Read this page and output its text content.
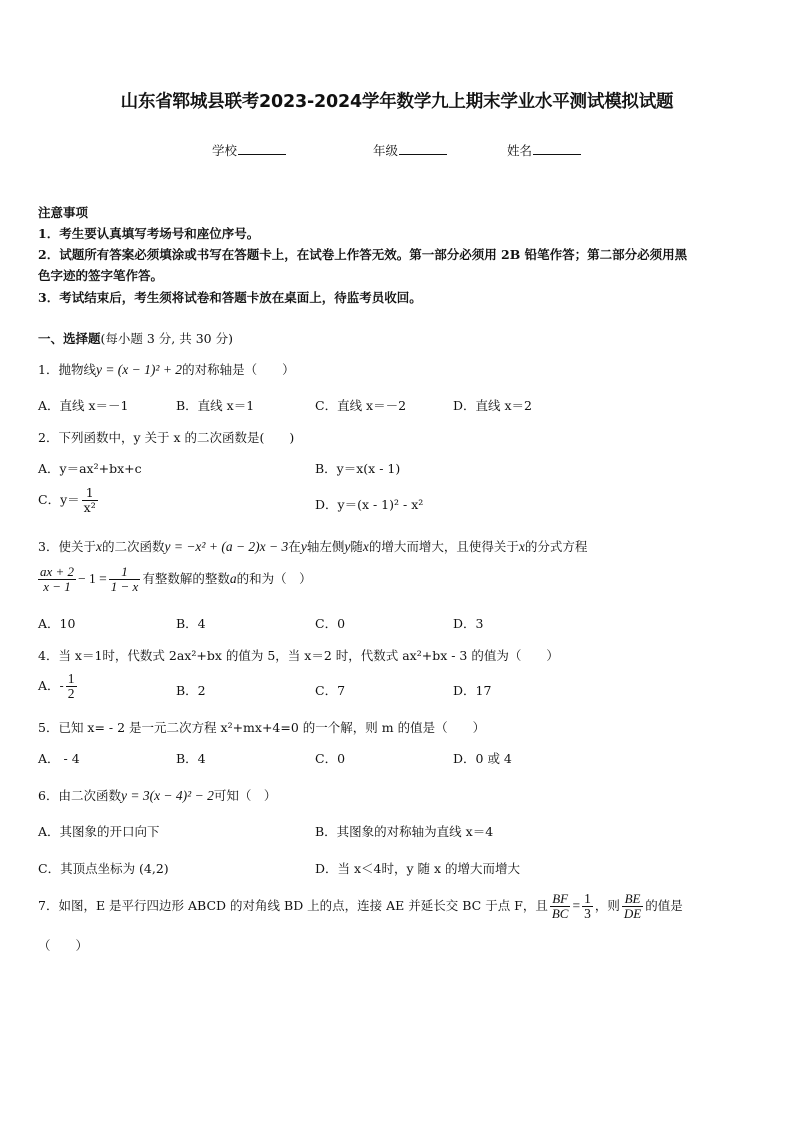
山东省郓城县联考2023-2024学年数学九上期末学业水平测试模拟试题
学校	年级	姓名
注意事项
1．考生要认真填写考场号和座位序号。
2．试题所有答案必须填涂或书写在答题卡上，在试卷上作答无效。第一部分必须用 2B 铅笔作答；第二部分必须用黑
色字迹的签字笔作答。
3．考试结束后，考生须将试卷和答题卡放在桌面上，待监考员收回。
一、选择题(每小题 3 分, 共 30 分)
1．抛物线y = (x − 1)² + 2的对称轴是（　　）
A．直线 x＝－1	B．直线 x＝1	C．直线 x＝－2	D．直线 x＝2
2．下列函数中，y 关于 x 的二次函数是(　　)
A．y＝ax²+bx+c	B．y＝x(x - 1)
C．$y= \frac{1}{\text{x²}}$	D．y＝(x - 1)² - x²
3．使关于x的二次函数y = −x² + (a − 2)x − 3在y轴左侧y随x的增大而增大，且使得关于x的分式方程
$\frac{ax + 2}{x - 1} - 1 = \frac{1}{1 - x}$ 有整数解的整数a的和为（　）
A．10	B．4	C．0	D．3
4．当 x＝1时，代数式 2ax²+bx 的值为 5，当 x＝2 时，代数式 ax²+bx - 3 的值为（　　）
A．- $\frac{1}{2}$	B．2	C．7	D．17
5．已知 x= - 2 是一元二次方程 x²+mx+4=0 的一个解，则 m 的值是（　　）
A． - 4	B．4	C．0	D．0 或 4
6．由二次函数y = 3(x − 4)² − 2可知（　）
A．其图象的开口向下	B．其图象的对称轴为直线 x＝4
C．其顶点坐标为 (4,2)	D．当 x＜4时，y 随 x 的增大而增大
7．如图，E 是平行四边形 ABCD 的对角线 BD 上的点，连接 AE 并延长交 BC 于点 F，且 $\frac{BF}{BC} = \frac{1}{3}$ ，则 $\frac{BE}{DE}$ 的值是
（　　）
